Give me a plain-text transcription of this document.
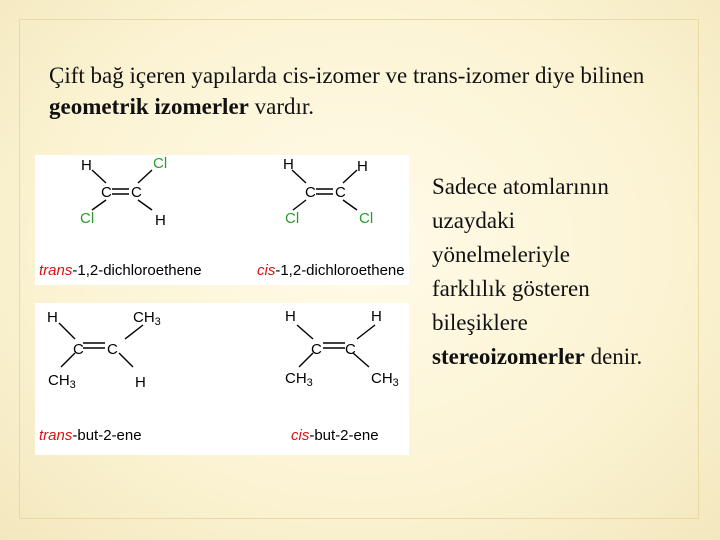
Çift bağ içeren yapılarda cis-izomer ve trans-izomer diye bilinen geometrik izomerler vardır.
Sadece atomlarının
uzaydaki
yönelmeleriyle
farklılık gösteren
bileşiklere
stereoizomerler denir.
H	Cl
C C
Cl	H
trans-1,2-dichloroethene
H	H
C C
Cl	Cl
cis-1,2-dichloroethene
H	$CH_3$
C C
$CH_3$	H
trans-but-2-ene
H	H
C C
$CH_3$	$CH_3$
cis-but-2-ene
